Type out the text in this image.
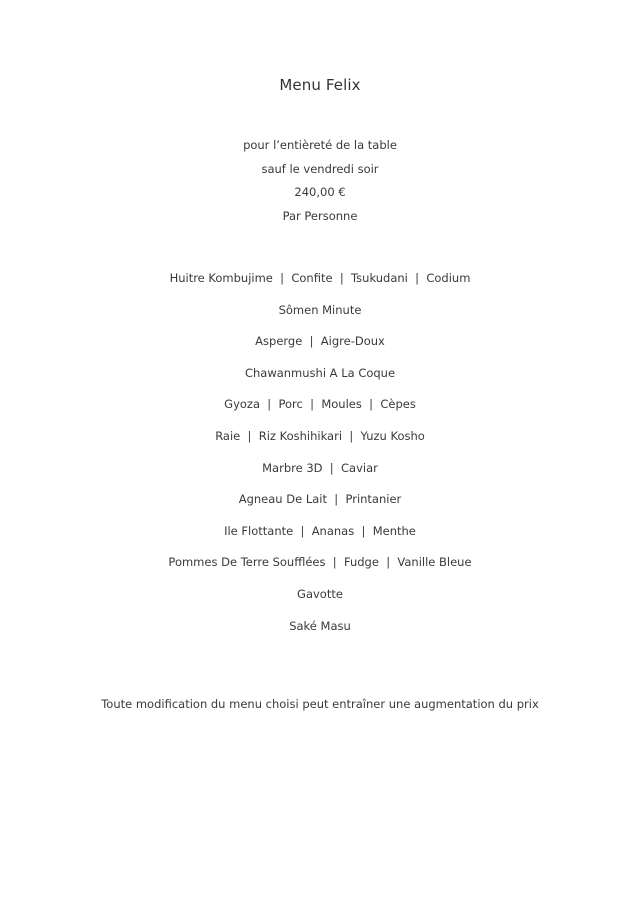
Menu Felix
pour l’entièreté de la table
sauf le vendredi soir
240,00 €
Par Personne
Huitre Kombujime  |  Confite  |  Tsukudani  |  Codium
Sômen Minute
Asperge  |  Aigre-Doux
Chawanmushi A La Coque
Gyoza  |  Porc  |  Moules  |  Cèpes
Raie  |  Riz Koshihikari  |  Yuzu Kosho
Marbre 3D  |  Caviar
Agneau De Lait  |  Printanier
Ile Flottante  |  Ananas  |  Menthe
Pommes De Terre Soufflées  |  Fudge  |  Vanille Bleue
Gavotte
Saké Masu
Toute modification du menu choisi peut entraîner une augmentation du prix
